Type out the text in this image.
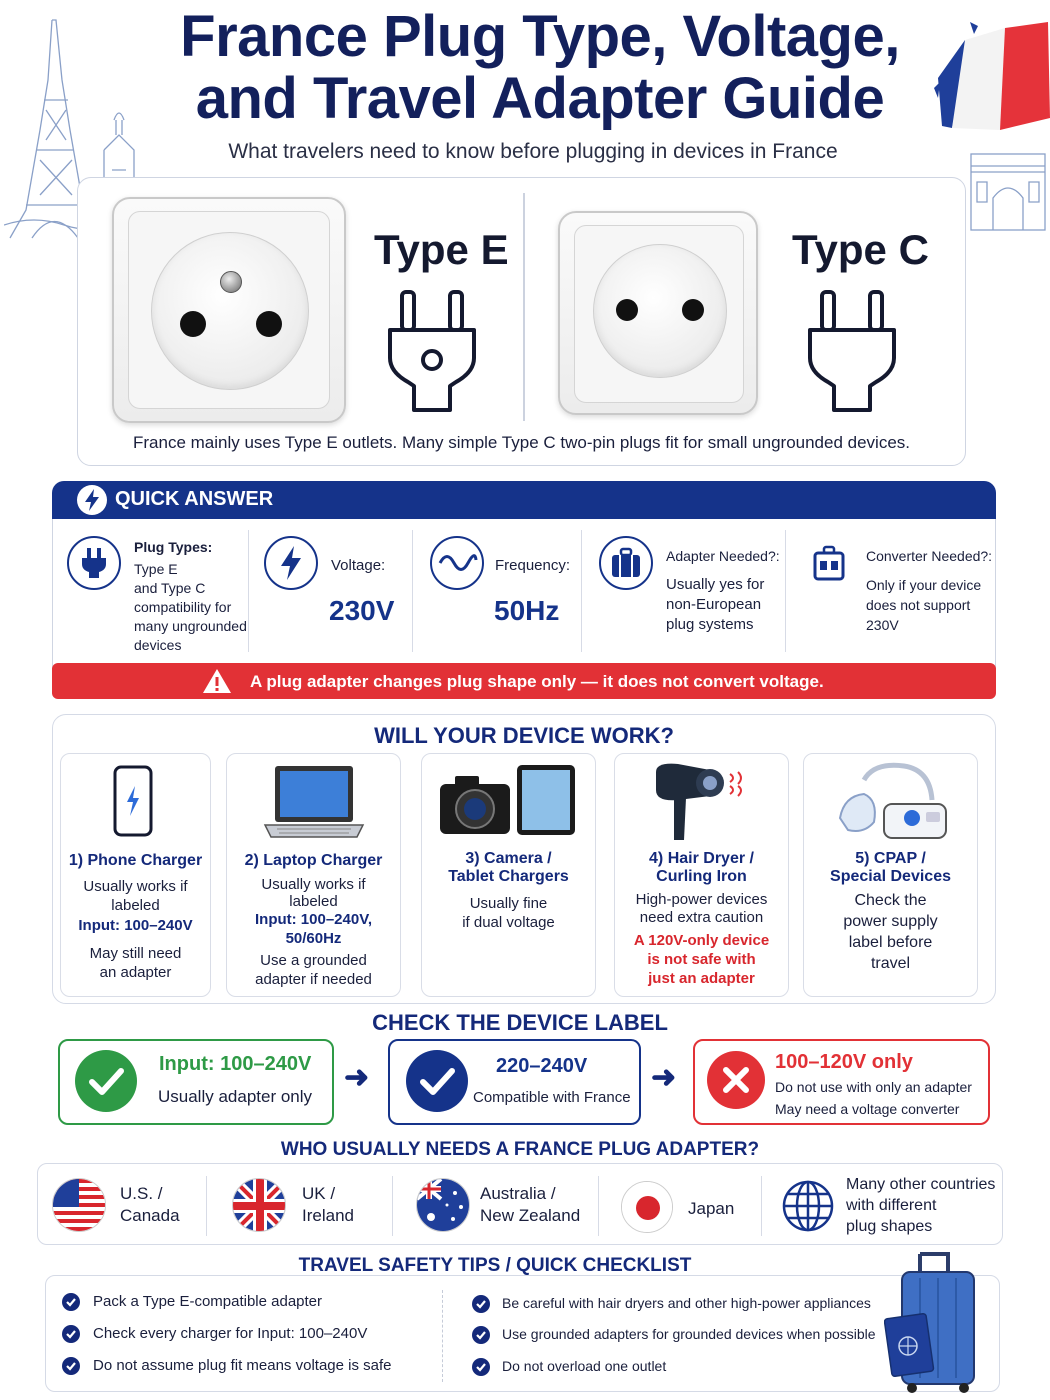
France Plug Type, Voltage,
and Travel Adapter Guide
What travelers need to know before plugging in devices in France
Type E	Type C
France mainly uses Type E outlets. Many simple Type C two-pin plugs fit for small ungrounded devices.
QUICK ANSWER
Plug Types:
Type E
and Type C
compatibility for
many ungrounded
devices
Voltage:
230V
Frequency:
50Hz
Adapter Needed?:
Usually yes for
non-European
plug systems
Converter Needed?:
Only if your device
does not support
230V
A plug adapter changes plug shape only — it does not convert voltage.
WILL YOUR DEVICE WORK?
1) Phone Charger
Usually works if
labeled
Input: 100–240V
May still need
an adapter
2) Laptop Charger
Usually works if
labeled
Input: 100–240V,
50/60Hz
Use a grounded
adapter if needed
3) Camera /
Tablet Chargers
Usually fine
if dual voltage
4) Hair Dryer /
Curling Iron
High-power devices
need extra caution
A 120V-only device
is not safe with
just an adapter
5) CPAP /
Special Devices
Check the
power supply
label before
travel
CHECK THE DEVICE LABEL
Input: 100–240V
Usually adapter only
➜	220–240V
Compatible with France
➜	100–120V only
Do not use with only an adapter
May need a voltage converter
WHO USUALLY NEEDS A FRANCE PLUG ADAPTER?
U.S. /
Canada
UK /
Ireland
Australia /
New Zealand	Japan
Many other countries
with different
plug shapes
TRAVEL SAFETY TIPS / QUICK CHECKLIST
Pack a Type E-compatible adapter
Check every charger for Input: 100–240V
Do not assume plug fit means voltage is safe
Be careful with hair dryers and other high-power appliances
Use grounded adapters for grounded devices when possible
Do not overload one outlet
